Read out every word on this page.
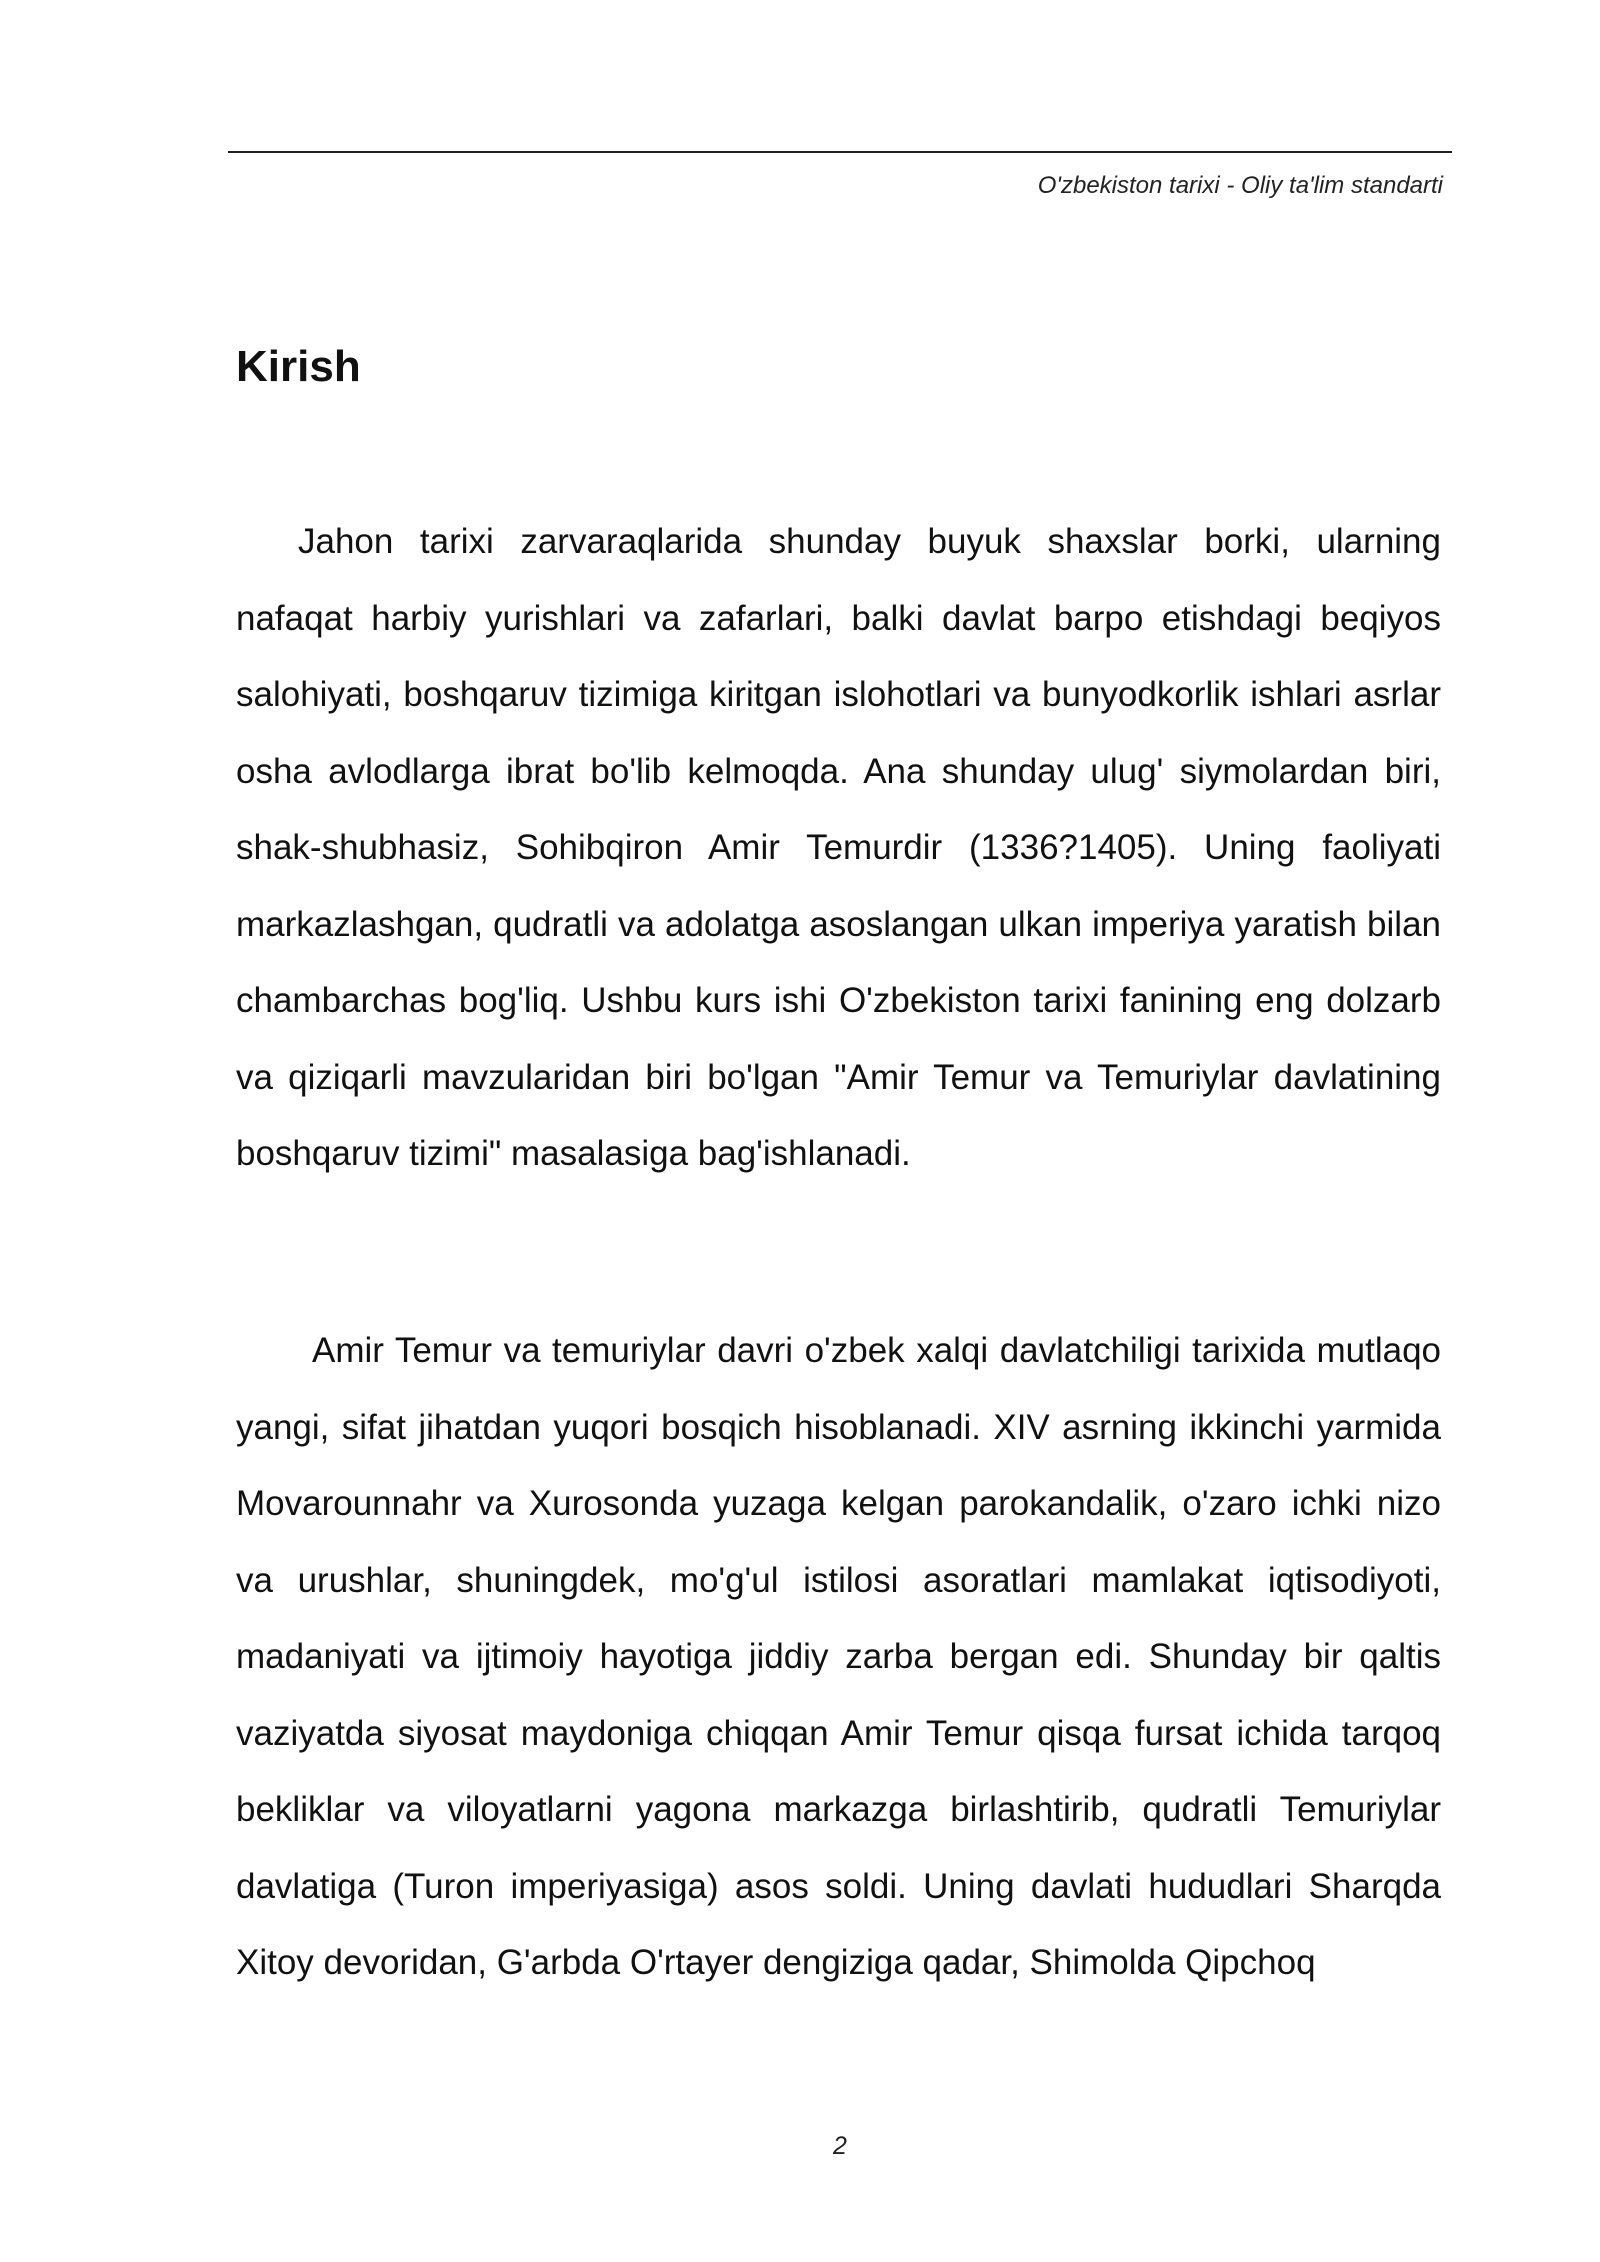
O'zbekiston tarixi - Oliy ta'lim standarti
Kirish

Jahon tarixi zarvaraqlarida shunday buyuk shaxslar borki, ularning nafaqat harbiy yurishlari va zafarlari, balki davlat barpo etishdagi beqiyos salohiyati, boshqaruv tizimiga kiritgan islohotlari va bunyodkorlik ishlari asrlar osha avlodlarga ibrat bo'lib kelmoqda. Ana shunday ulug' siymolardan biri, shak-shubhasiz, Sohibqiron Amir Temurdir (1336?1405). Uning faoliyati markazlashgan, qudratli va adolatga asoslangan ulkan imperiya yaratish bilan chambarchas bog'liq. Ushbu kurs ishi O'zbekiston tarixi fanining eng dolzarb va qiziqarli mavzularidan biri bo'lgan "Amir Temur va Temuriylar davlatining boshqaruv tizimi" masalasiga bag'ishlanadi.

Amir Temur va temuriylar davri o'zbek xalqi davlatchiligi tarixida mutlaqo yangi, sifat jihatdan yuqori bosqich hisoblanadi. XIV asrning ikkinchi yarmida Movarounnahr va Xurosonda yuzaga kelgan parokandalik, o'zaro ichki nizo va urushlar, shuningdek, mo'g'ul istilosi asoratlari mamlakat iqtisodiyoti, madaniyati va ijtimoiy hayotiga jiddiy zarba bergan edi. Shunday bir qaltis vaziyatda siyosat maydoniga chiqqan Amir Temur qisqa fursat ichida tarqoq bekliklar va viloyatlarni yagona markazga birlashtirib, qudratli Temuriylar davlatiga (Turon imperiyasiga) asos soldi. Uning davlati hududlari Sharqda Xitoy devoridan, G'arbda O'rtayer dengiziga qadar, Shimolda Qipchoq

2
